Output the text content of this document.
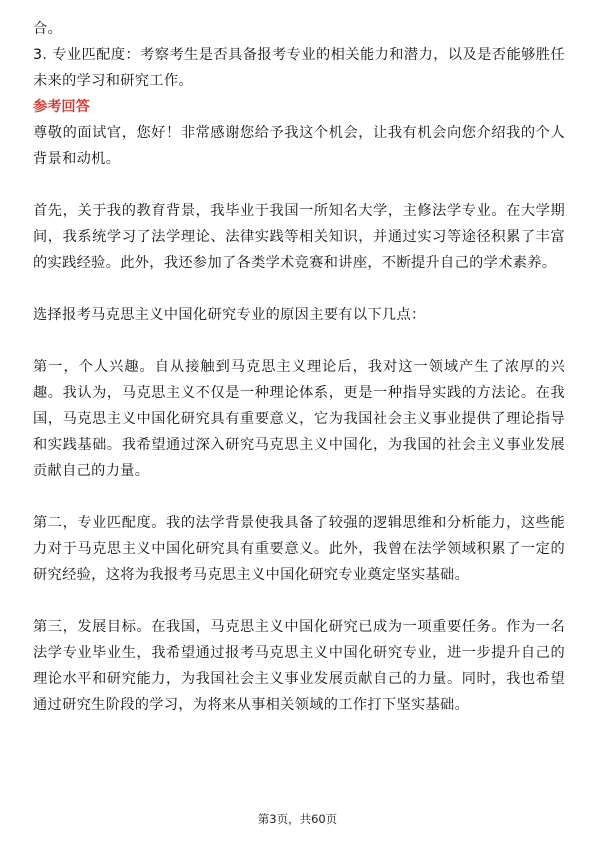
合。

3. 专业匹配度：考察考生是否具备报考专业的相关能力和潜力，以及是否能够胜任未来的学习和研究工作。

参考回答

尊敬的面试官，您好！非常感谢您给予我这个机会，让我有机会向您介绍我的个人背景和动机。

首先，关于我的教育背景，我毕业于我国一所知名大学，主修法学专业。在大学期间，我系统学习了法学理论、法律实践等相关知识，并通过实习等途径积累了丰富的实践经验。此外，我还参加了各类学术竞赛和讲座，不断提升自己的学术素养。

选择报考马克思主义中国化研究专业的原因主要有以下几点：

第一，个人兴趣。自从接触到马克思主义理论后，我对这一领域产生了浓厚的兴趣。我认为，马克思主义不仅是一种理论体系，更是一种指导实践的方法论。在我国，马克思主义中国化研究具有重要意义，它为我国社会主义事业提供了理论指导和实践基础。我希望通过深入研究马克思主义中国化，为我国的社会主义事业发展贡献自己的力量。

第二，专业匹配度。我的法学背景使我具备了较强的逻辑思维和分析能力，这些能力对于马克思主义中国化研究具有重要意义。此外，我曾在法学领域积累了一定的研究经验，这将为我报考马克思主义中国化研究专业奠定坚实基础。

第三，发展目标。在我国，马克思主义中国化研究已成为一项重要任务。作为一名法学专业毕业生，我希望通过报考马克思主义中国化研究专业，进一步提升自己的理论水平和研究能力，为我国社会主义事业发展贡献自己的力量。同时，我也希望通过研究生阶段的学习，为将来从事相关领域的工作打下坚实基础。

第3页，共60页
